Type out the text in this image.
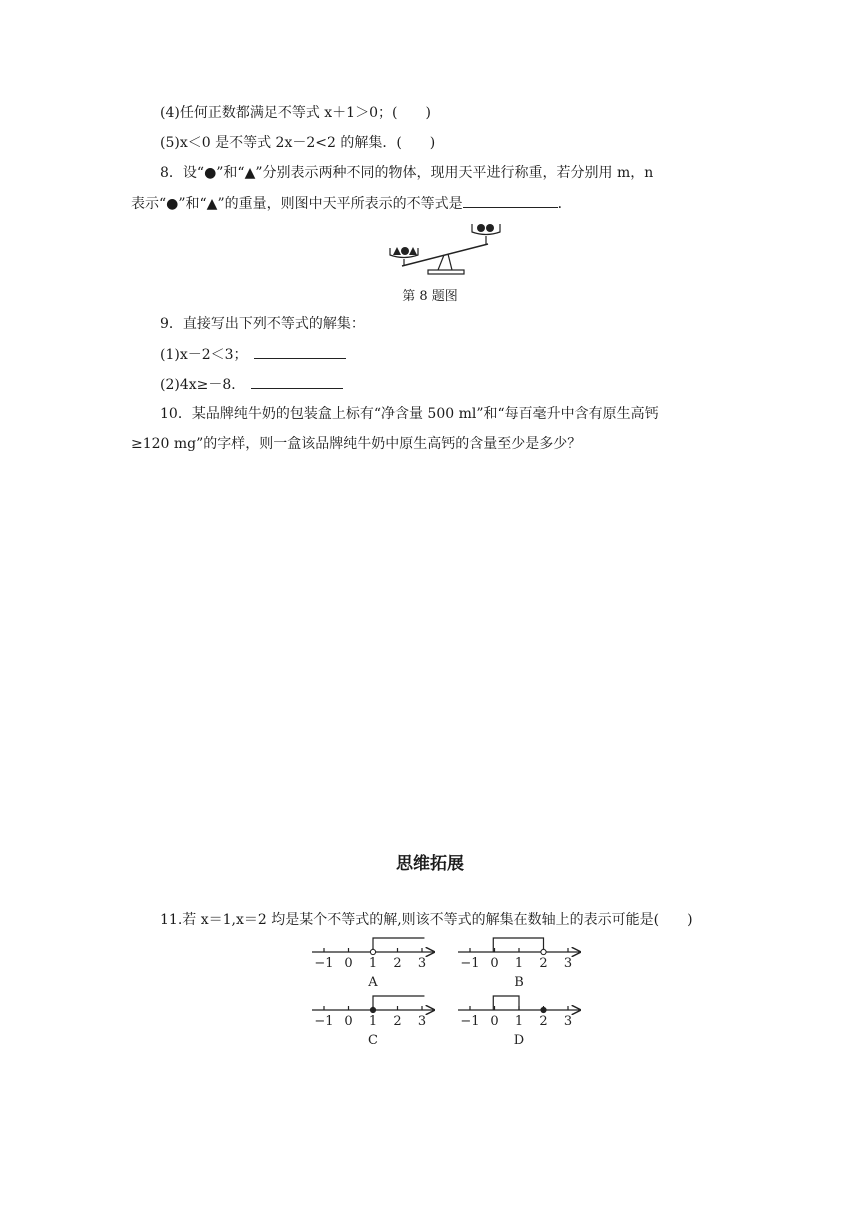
(4)任何正数都满足不等式 x＋1＞0；(　　)
(5)x＜0 是不等式 2x－2<2 的解集．(　　)
8．设“●”和“▲”分别表示两种不同的物体，现用天平进行称重，若分别用 m，n
表示“●”和“▲”的重量，则图中天平所表示的不等式是	．
第 8 题图
9．直接写出下列不等式的解集：
(1)x－2＜3；
(2)4x≥－8．
10．某品牌纯牛奶的包装盒上标有“净含量 500 ml”和“每百毫升中含有原生高钙
≥120 mg”的字样，则一盒该品牌纯牛奶中原生高钙的含量至少是多少？
思维拓展
11.若 x＝1,x＝2 均是某个不等式的解,则该不等式的解集在数轴上的表示可能是(　　)
−1 0 1 2 3
A
−1 0 1 2 3
B
−1 0 1 2 3
C
−1 0 1 2 3
D
